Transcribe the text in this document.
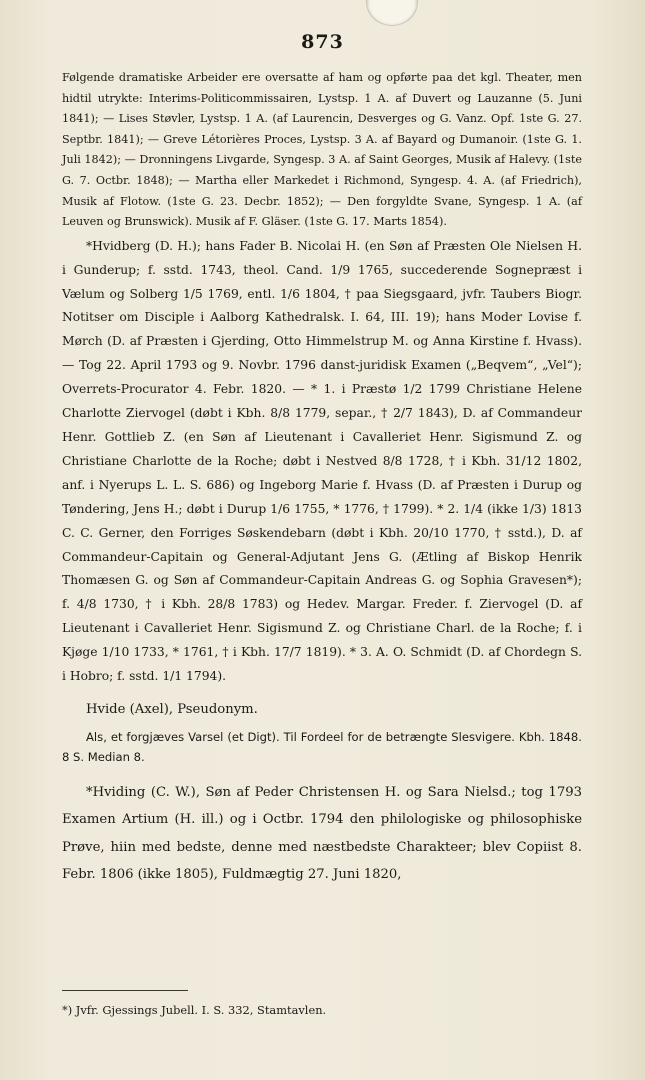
873

Følgende dramatiske Arbeider ere oversatte af ham og opførte paa det kgl. Theater, men hidtil utrykte: Interims-Politicommissairen, Lystsp. 1 A. af Duvert og Lauzanne (5. Juni 1841); — Lises Støvler, Lystsp. 1 A. (af Laurencin, Desverges og G. Vanz. Opf. 1ste G. 27. Septbr. 1841); — Greve Létorières Proces, Lystsp. 3 A. af Bayard og Dumanoir. (1ste G. 1. Juli 1842); — Dronningens Livgarde, Syngesp. 3 A. af Saint Georges, Musik af Halevy. (1ste G. 7. Octbr. 1848); — Martha eller Markedet i Richmond, Syngesp. 4. A. (af Friedrich), Musik af Flotow. (1ste G. 23. Decbr. 1852); — Den forgyldte Svane, Syngesp. 1 A. (af Leuven og Brunswick). Musik af F. Gläser. (1ste G. 17. Marts 1854).

*Hvidberg (D. H.); hans Fader B. Nicolai H. (en Søn af Præsten Ole Nielsen H. i Gunderup; f. sstd. 1743, theol. Cand. 1/9 1765, succederende Sognepræst i Vælum og Solberg 1/5 1769, entl. 1/6 1804, † paa Siegsgaard, jvfr. Taubers Biogr. Notitser om Disciple i Aalborg Kathedralsk. I. 64, III. 19); hans Moder Lovise f. Mørch (D. af Præsten i Gjerding, Otto Himmelstrup M. og Anna Kirstine f. Hvass). — Tog 22. April 1793 og 9. Novbr. 1796 danst-juridisk Examen („Beqvem“, „Vel“); Overrets-Procurator 4. Febr. 1820. — * 1. i Præstø 1/2 1799 Christiane Helene Charlotte Ziervogel (døbt i Kbh. 8/8 1779, separ., † 2/7 1843), D. af Commandeur Henr. Gottlieb Z. (en Søn af Lieutenant i Cavalleriet Henr. Sigismund Z. og Christiane Charlotte de la Roche; døbt i Nestved 8/8 1728, † i Kbh. 31/12 1802, anf. i Nyerups L. L. S. 686) og Ingeborg Marie f. Hvass (D. af Præsten i Durup og Tøndering, Jens H.; døbt i Durup 1/6 1755, * 1776, † 1799). * 2. 1/4 (ikke 1/3) 1813 C. C. Gerner, den Forriges Søskendebarn (døbt i Kbh. 20/10 1770, † sstd.), D. af Commandeur-Capitain og General-Adjutant Jens G. (Ætling af Biskop Henrik Thomæsen G. og Søn af Commandeur-Capitain Andreas G. og Sophia Gravesen*); f. 4/8 1730, † i Kbh. 28/8 1783) og Hedev. Margar. Freder. f. Ziervogel (D. af Lieutenant i Cavalleriet Henr. Sigismund Z. og Christiane Charl. de la Roche; f. i Kjøge 1/10 1733, * 1761, † i Kbh. 17/7 1819). * 3. A. O. Schmidt (D. af Chordegn S. i Hobro; f. sstd. 1/1 1794).

Hvide (Axel), Pseudonym.

Als, et forgjæves Varsel (et Digt). Til Fordeel for de betrængte Slesvigere. Kbh. 1848. 8 S. Median 8.

*Hviding (C. W.), Søn af Peder Christensen H. og Sara Nielsd.; tog 1793 Examen Artium (H. ill.) og i Octbr. 1794 den philologiske og philosophiske Prøve, hiin med bedste, denne med næstbedste Charakteer; blev Copiist 8. Febr. 1806 (ikke 1805), Fuldmægtig 27. Juni 1820,

*) Jvfr. Gjessings Jubell. I. S. 332, Stamtavlen.
